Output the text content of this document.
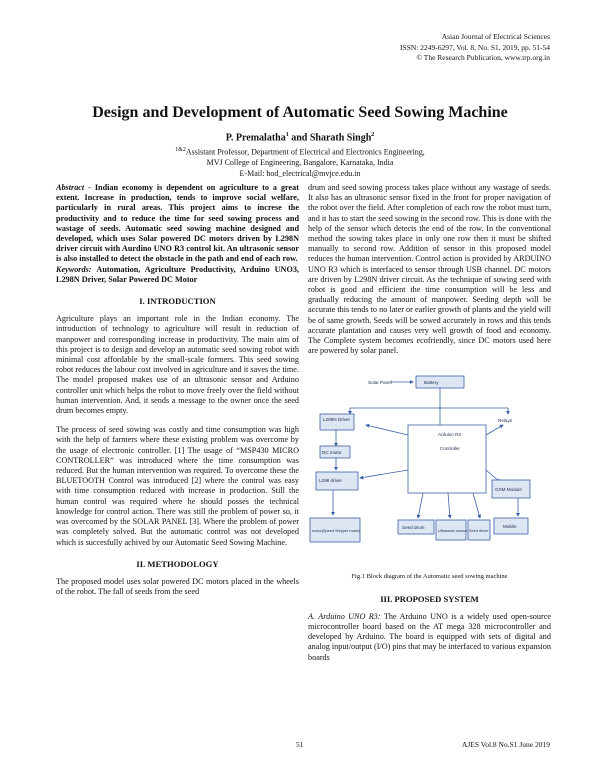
Asian Journal of Electrical Sciences
ISSN: 2249-6297, Vol. 8, No. S1, 2019, pp. 51-54
© The Research Publication, www.trp.org.in
Design and Development of Automatic Seed Sowing Machine
P. Premalatha$^1$ and Sharath Singh$^2$
$^{1\&2}$Assistant Professor, Department of Electrical and Electronics Engineering,
MVJ College of Engineering, Bangalore, Karnataka, India
E-Mail: hod_electrical@mvjce.edu.in

Abstract - Indian economy is dependent on agriculture to a great extent. Increase in production, tends to improve social welfare, particularly in rural areas. This project aims to increse the productivity and to reduce the time for seed sowing process and wastage of seeds. Automatic seed sowing machine designed and developed, which uses Solar powered DC motors driven by L298N driver circuit with Aurdino UNO R3 control kit. An ultrasonic sensor is also installed to detect the obstacle in the path and end of each row.

Keywords: Automation, Agriculture Productivity, Arduino UNO3, L298N Driver, Solar Powered DC Motor

I. INTRODUCTION

Agriculture plays an important role in the Indian economy. The introduction of technology to agriculture will result in reduction of manpower and corresponding increase in productivity. The main aim of this project is to design and develop an automatic seed sowing robot with minimal cost affordable by the small-scale formers. This seed sowing robot reduces the labour cost involved in agriculture and it saves the time. The model proposed makes use of an ultrasonic sensor and Arduino controller unit which helps the robot to move freely over the field without human intervention. And, it sends a message to the owner once the seed drum becomes empty.

The process of seed sowing was costly and time consumption was high with the help of farmers where these existing problem was overcome by the usage of electronic controller. [1] The usage of “MSP430 MICRO CONTROLLER” was introduced where the time consumption was reduced. But the human intervention was required. To overcome these the BLUETOOTH Control was introduced [2] where the control was easy with time consumption reduced with increase in production. Still the human control was required where he should posses the technical knowledge for control action. There was still the problem of power so, it was overcomed by the SOLAR PANEL [3]. Where the problem of power was completely solved. But the automatic control was not developed which is succesfully achived by our Automatic Seed Sowing Machine.

II. METHODOLOGY

The proposed model uses solar powered DC motors placed in the wheels of the robot. The fall of seeds from the seed

drum and seed sowing process takes place without any wastage of seeds. It also has an ultrasonic sensor fixed in the front for proper navigation of the robot over the field. After completion of each row the robot must turn, and it has to start the seed sowing in the second row. This is done with the help of the sensor which detects the end of the row. In the conventional method the sowing takes place in only one row then it must be shifted manually to second row. Addition of sensor in this proposed model reduces the human intervention. Control action is provided by ARDUINO UNO R3 which is interfaced to sensor through USB channel. DC motors are driven by L298N driver circuit. As the technique of sowing seed with robot is good and efficient the time consumption will be less and gradually reducing the amount of manpower. Seeding depth will be accurate this tends to no later or earlier growth of plants and the yield will be of same growth. Seeds will be sowed accurately in rows and this tends accurate plantation and causes very well growth of food and economy. The Complete system becomes ecofriendly, since DC motors used here are powered by solar panel.

Solar Panel	Battery
L298N Driver
Arduino R3
Controller
Relays
DC motor
L298 driver
GSM Module
Mobile
motor(Speed Stepper motor)
Seed drum
Ultrasonic sensor Seed driver
Fig.1 Block diagram of the Automatic seed sowing machine
III. PROPOSED SYSTEM

A. Arduino UNO R3: The Arduino UNO is a widely used open-source microcontroller board based on the AT mega 328 microcontroller and developed by Arduino. The board is equipped with sets of digital and analog input/output (I/O) pins that may be interfaced to various expansion boards

51	AJES Vol.8 No.S1 June 2019
